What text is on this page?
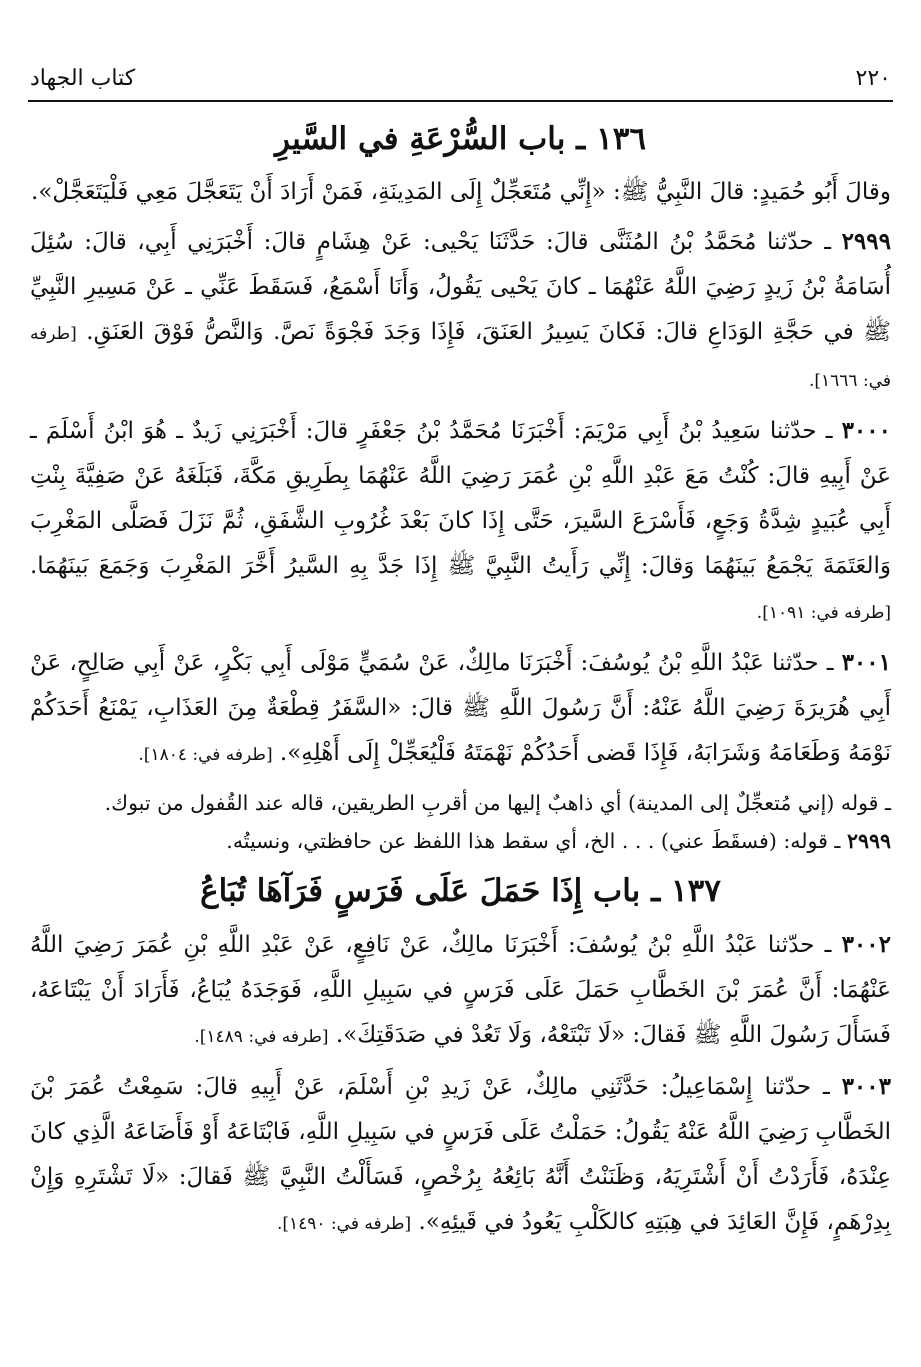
٢٢٠
كتاب الجهاد
١٣٦ ـ باب السُّرْعَةِ في السَّيرِ

وقالَ أَبُو حُمَيدٍ: قالَ النَّبِيُّ ﷺ: «إِنِّي مُتَعَجِّلٌ إِلَى المَدِينَةِ، فَمَنْ أَرَادَ أَنْ يَتَعَجَّلَ مَعِي فَلْيَتَعَجَّلْ».

٢٩٩٩ ـ حدّثنا مُحَمَّدُ بْنُ المُثَنَّى قالَ: حَدَّثَنَا يَحْيى: عَنْ هِشَامٍ قالَ: أَخْبَرَنِي أَبِي، قالَ: سُئِلَ أُسَامَةُ بْنُ زَيدٍ رَضِيَ اللَّهُ عَنْهُمَا ـ كانَ يَحْيى يَقُولُ، وَأَنَا أَسْمَعُ، فَسَقَطَ عَنِّي ـ عَنْ مَسِيرِ النَّبِيِّ ﷺ في حَجَّةِ الوَدَاعِ قالَ: فَكانَ يَسِيرُ العَنَقَ، فَإِذَا وَجَدَ فَجْوَةً نَصَّ. وَالنَّصُّ فَوْقَ العَنَقِ. [طرفه في: ١٦٦٦].

٣٠٠٠ ـ حدّثنا سَعِيدُ بْنُ أَبِي مَرْيَمَ: أَخْبَرَنَا مُحَمَّدُ بْنُ جَعْفَرٍ قالَ: أَخْبَرَنِي زَيدٌ ـ هُوَ ابْنُ أَسْلَمَ ـ عَنْ أَبِيهِ قالَ: كُنْتُ مَعَ عَبْدِ اللَّهِ بْنِ عُمَرَ رَضِيَ اللَّهُ عَنْهُمَا بِطَرِيقِ مَكَّةَ، فَبَلَغَهُ عَنْ صَفِيَّةَ بِنْتِ أَبِي عُبَيدٍ شِدَّةُ وَجَعٍ، فَأَسْرَعَ السَّيرَ، حَتَّى إِذَا كانَ بَعْدَ غُرُوبِ الشَّفَقِ، ثُمَّ نَزَلَ فَصَلَّى المَغْرِبَ وَالعَتَمَةَ يَجْمَعُ بَينَهُمَا وَقالَ: إِنِّي رَأَيتُ النَّبِيَّ ﷺ إِذَا جَدَّ بِهِ السَّيرُ أَخَّرَ المَغْرِبَ وَجَمَعَ بَينَهُمَا. [طرفه في: ١٠٩١].

٣٠٠١ ـ حدّثنا عَبْدُ اللَّهِ بْنُ يُوسُفَ: أَخْبَرَنَا مالِكٌ، عَنْ سُمَيٍّ مَوْلَى أَبِي بَكْرٍ، عَنْ أَبِي صَالِحٍ، عَنْ أَبِي هُرَيرَةَ رَضِيَ اللَّهُ عَنْهُ: أَنَّ رَسُولَ اللَّهِ ﷺ قالَ: «السَّفَرُ قِطْعَةٌ مِنَ العَذَابِ، يَمْنَعُ أَحَدَكُمْ نَوْمَهُ وَطَعَامَهُ وَشَرَابَهُ، فَإِذَا قَضى أَحَدُكُمْ نَهْمَتَهُ فَلْيُعَجِّلْ إِلَى أَهْلِهِ». [طرفه في: ١٨٠٤].

ـ قوله (إني مُتعجِّلٌ إلى المدينة) أي ذاهبٌ إليها من أقربِ الطريقين، قاله عند القُفول من تبوك.

٢٩٩٩ ـ قوله: (فسقَطَ عني) . . . الخ، أي سقط هذا اللفظ عن حافظتي، ونسيتُه.

١٣٧ ـ باب إِذَا حَمَلَ عَلَى فَرَسٍ فَرَآهَا تُبَاعُ

٣٠٠٢ ـ حدّثنا عَبْدُ اللَّهِ بْنُ يُوسُفَ: أَخْبَرَنَا مالِكٌ، عَنْ نَافِعٍ، عَنْ عَبْدِ اللَّهِ بْنِ عُمَرَ رَضِيَ اللَّهُ عَنْهُمَا: أَنَّ عُمَرَ بْنَ الخَطَّابِ حَمَلَ عَلَى فَرَسٍ في سَبِيلِ اللَّهِ، فَوَجَدَهُ يُبَاعُ، فَأَرَادَ أَنْ يَبْتَاعَهُ، فَسَأَلَ رَسُولَ اللَّهِ ﷺ فَقالَ: «لَا تَبْتَعْهُ، وَلَا تَعُدْ في صَدَقَتِكَ». [طرفه في: ١٤٨٩].

٣٠٠٣ ـ حدّثنا إِسْمَاعِيلُ: حَدَّثَنِي مالِكٌ، عَنْ زَيدِ بْنِ أَسْلَمَ، عَنْ أَبِيهِ قالَ: سَمِعْتُ عُمَرَ بْنَ الخَطَّابِ رَضِيَ اللَّهُ عَنْهُ يَقُولُ: حَمَلْتُ عَلَى فَرَسٍ في سَبِيلِ اللَّهِ، فَابْتَاعَهُ أَوْ فَأَضَاعَهُ الَّذِي كانَ عِنْدَهُ، فَأَرَدْتُ أَنْ أَشْتَرِيَهُ، وَظَنَنْتُ أَنَّهُ بَائِعُهُ بِرُخْصٍ، فَسَأَلْتُ النَّبِيَّ ﷺ فَقالَ: «لَا تَشْتَرِهِ وَإِنْ بِدِرْهَمٍ، فَإِنَّ العَائِدَ في هِبَتِهِ كالكَلْبِ يَعُودُ في قَيئِهِ». [طرفه في: ١٤٩٠].
